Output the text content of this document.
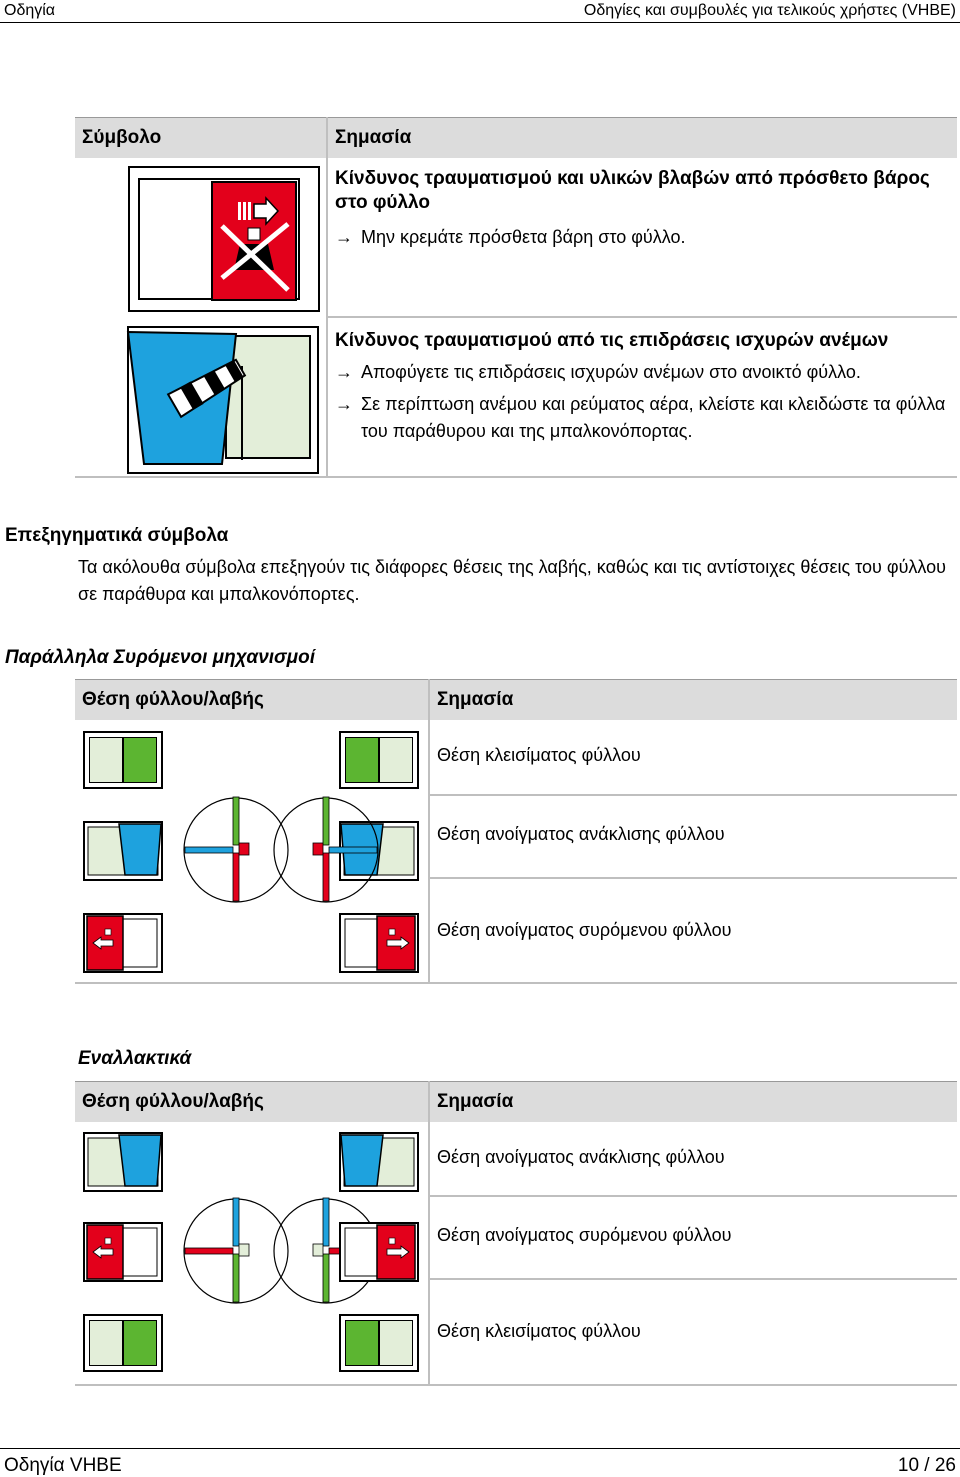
Οδηγία	Οδηγίες και συμβουλές για τελικούς χρήστες (VHBE)
Σύμβολο	Σημασία
Κίνδυνος τραυματισμού και υλικών βλαβών από πρόσθετο βάρος στο φύλλο
→ Μην κρεμάτε πρόσθετα βάρη στο φύλλο.
Κίνδυνος τραυματισμού από τις επιδράσεις ισχυρών ανέμων
→ Αποφύγετε τις επιδράσεις ισχυρών ανέμων στο ανοικτό φύλλο.
→ Σε περίπτωση ανέμου και ρεύματος αέρα, κλείστε και κλειδώστε τα φύλλα του παράθυρου και της μπαλκονόπορτας.
Επεξηγηματικά σύμβολα
Τα ακόλουθα σύμβολα επεξηγούν τις διάφορες θέσεις της λαβής, καθώς και τις αντίστοιχες θέσεις του φύλλου σε παράθυρα και μπαλκονόπορτες.
Παράλληλα Συρόμενοι μηχανισμοί
Θέση φύλλου/λαβής	Σημασία
Θέση κλεισίματος φύλλου
Θέση ανοίγματος ανάκλισης φύλλου
Θέση ανοίγματος συρόμενου φύλλου
Εναλλακτικά
Θέση φύλλου/λαβής	Σημασία
Θέση ανοίγματος ανάκλισης φύλλου
Θέση ανοίγματος συρόμενου φύλλου
Θέση κλεισίματος φύλλου
Οδηγία VHBE	10 / 26
